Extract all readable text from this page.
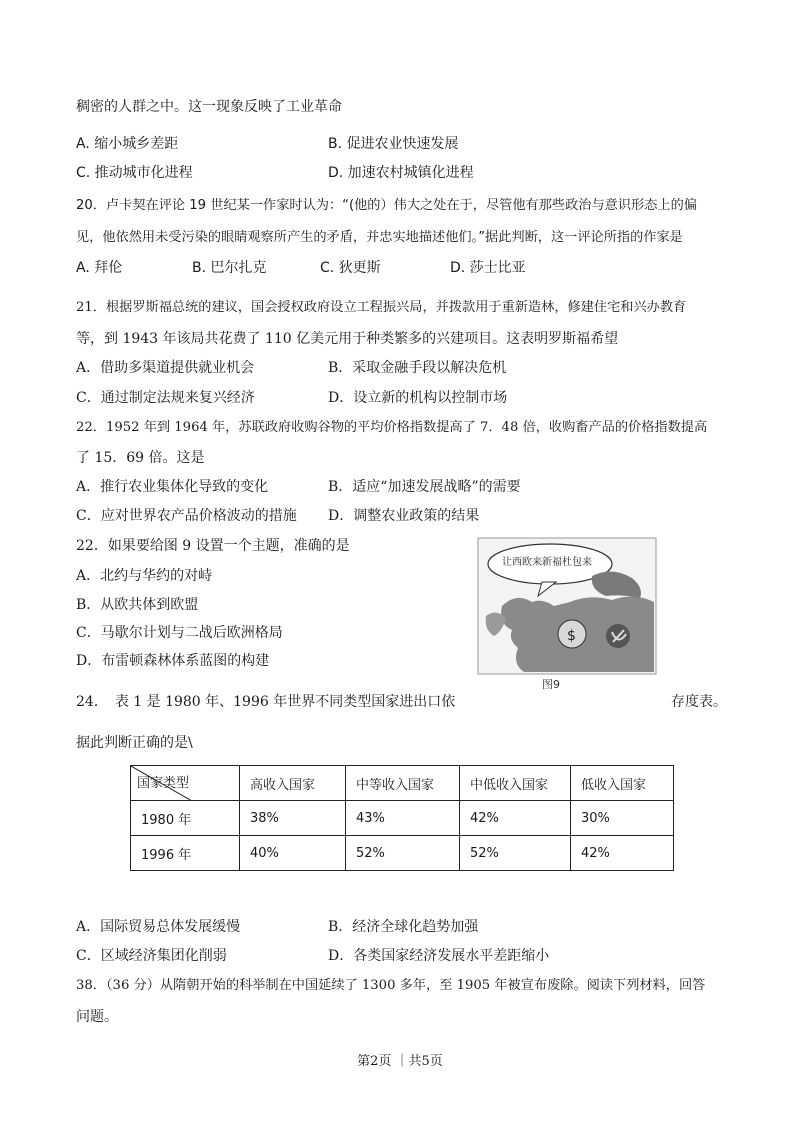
稠密的人群之中。这一现象反映了工业革命
A. 缩小城乡差距	B. 促进农业快速发展
C. 推动城市化进程	D. 加速农村城镇化进程
20．卢卡契在评论 19 世纪某一作家时认为：“(他的）伟大之处在于，尽管他有那些政治与意识形态上的偏
见，他依然用未受污染的眼睛观察所产生的矛盾，并忠实地描述他们。”据此判断，这一评论所指的作家是
A. 拜伦	B. 巴尔扎克	C. 狄更斯	D. 莎士比亚
21．根据罗斯福总统的建议，国会授权政府设立工程振兴局，并拨款用于重新造林，修建住宅和兴办教育
等，到 1943 年该局共花费了 110 亿美元用于种类繁多的兴建项目。这表明罗斯福希望
A．借助多渠道提供就业机会	B．采取金融手段以解决危机
C．通过制定法规来复兴经济	D．设立新的机构以控制市场
22．1952 年到 1964 年，苏联政府收购谷物的平均价格指数提高了 7．48 倍，收购畜产品的价格指数提高
了 15．69 倍。这是
A．推行农业集体化导致的变化	B．适应“加速发展战略”的需要
C．应对世界农产品价格波动的措施 D．调整农业政策的结果
22．如果要给图 9 设置一个主题，准确的是
A．北约与华约的对峙
B．从欧共体到欧盟
C．马歇尔计划与二战后欧洲格局
D．布雷顿森林体系蓝图的构建
$
让西欧来新福杜包来
图9
24．　表 1 是 1980 年、1996 年世界不同类型国家进出口依	存度表。
据此判断正确的是\
国家类型	高收入国家	中等收入国家	中低收入国家	低收入国家
1980 年	38%	43%	42%	30%
1996 年	40%	52%	52%	42%
A．国际贸易总体发展缓慢	B．经济全球化趋势加强
C．区域经济集团化削弱	D．各类国家经济发展水平差距缩小
38．（36 分）从隋朝开始的科举制在中国延续了 1300 多年，至 1905 年被宣布废除。阅读下列材料，回答
问题。
第2页 ｜共5页
